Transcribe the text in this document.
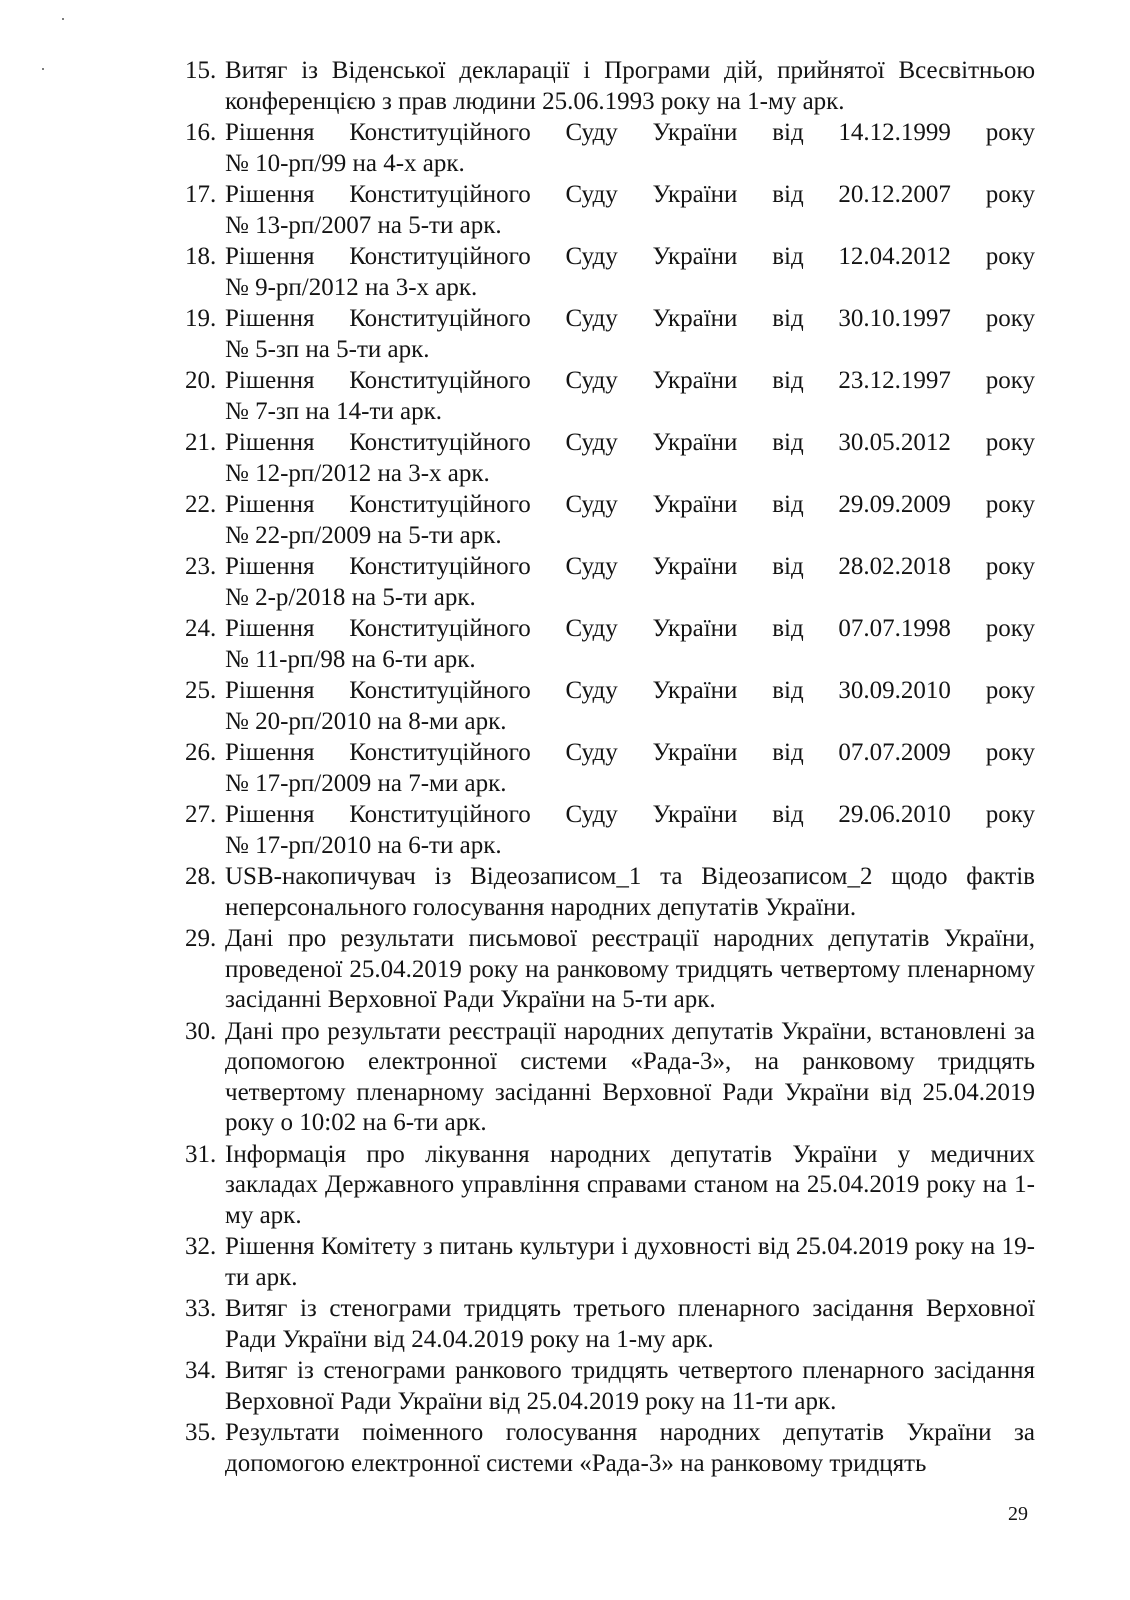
15. Витяг із Віденської декларації і Програми дій, прийнятої Всесвітньою
конференцією з прав людини 25.06.1993 року на 1-му арк.
16. Рішення Конституційного Суду України від 14.12.1999 року
№ 10-рп/99 на 4-х арк.
17. Рішення Конституційного Суду України від 20.12.2007 року
№ 13-рп/2007 на 5-ти арк.
18. Рішення Конституційного Суду України від 12.04.2012 року
№ 9-рп/2012 на 3-х арк.
19. Рішення Конституційного Суду України від 30.10.1997 року
№ 5-зп на 5-ти арк.
20. Рішення Конституційного Суду України від 23.12.1997 року
№ 7-зп на 14-ти арк.
21. Рішення Конституційного Суду України від 30.05.2012 року
№ 12-рп/2012 на 3-х арк.
22. Рішення Конституційного Суду України від 29.09.2009 року
№ 22-рп/2009 на 5-ти арк.
23. Рішення Конституційного Суду України від 28.02.2018 року
№ 2-р/2018 на 5-ти арк.
24. Рішення Конституційного Суду України від 07.07.1998 року
№ 11-рп/98 на 6-ти арк.
25. Рішення Конституційного Суду України від 30.09.2010 року
№ 20-рп/2010 на 8-ми арк.
26. Рішення Конституційного Суду України від 07.07.2009 року
№ 17-рп/2009 на 7-ми арк.
27. Рішення Конституційного Суду України від 29.06.2010 року
№ 17-рп/2010 на 6-ти арк.
28. USB-накопичувач із Відеозаписом_1 та Відеозаписом_2 щодо фактів неперсонального голосування народних депутатів України.
29. Дані про результати письмової реєстрації народних депутатів України, проведеної 25.04.2019 року на ранковому тридцять четвертому пленарному засіданні Верховної Ради України на 5-ти арк.
30. Дані про результати реєстрації народних депутатів України, встановлені за допомогою електронної системи «Рада-3», на ранковому тридцять четвертому пленарному засіданні Верховної Ради України від 25.04.2019 року о 10:02 на 6-ти арк.
31. Інформація про лікування народних депутатів України у медичних закладах Державного управління справами станом на 25.04.2019 року на 1-му арк.
32. Рішення Комітету з питань культури і духовності від 25.04.2019 року на 19-ти арк.
33. Витяг із стенограми тридцять третього пленарного засідання Верховної Ради України від 24.04.2019 року на 1-му арк.
34. Витяг із стенограми ранкового тридцять четвертого пленарного засідання Верховної Ради України від 25.04.2019 року на 11-ти арк.
35. Результати поіменного голосування народних депутатів України за допомогою електронної системи «Рада-3» на ранковому тридцять
29
